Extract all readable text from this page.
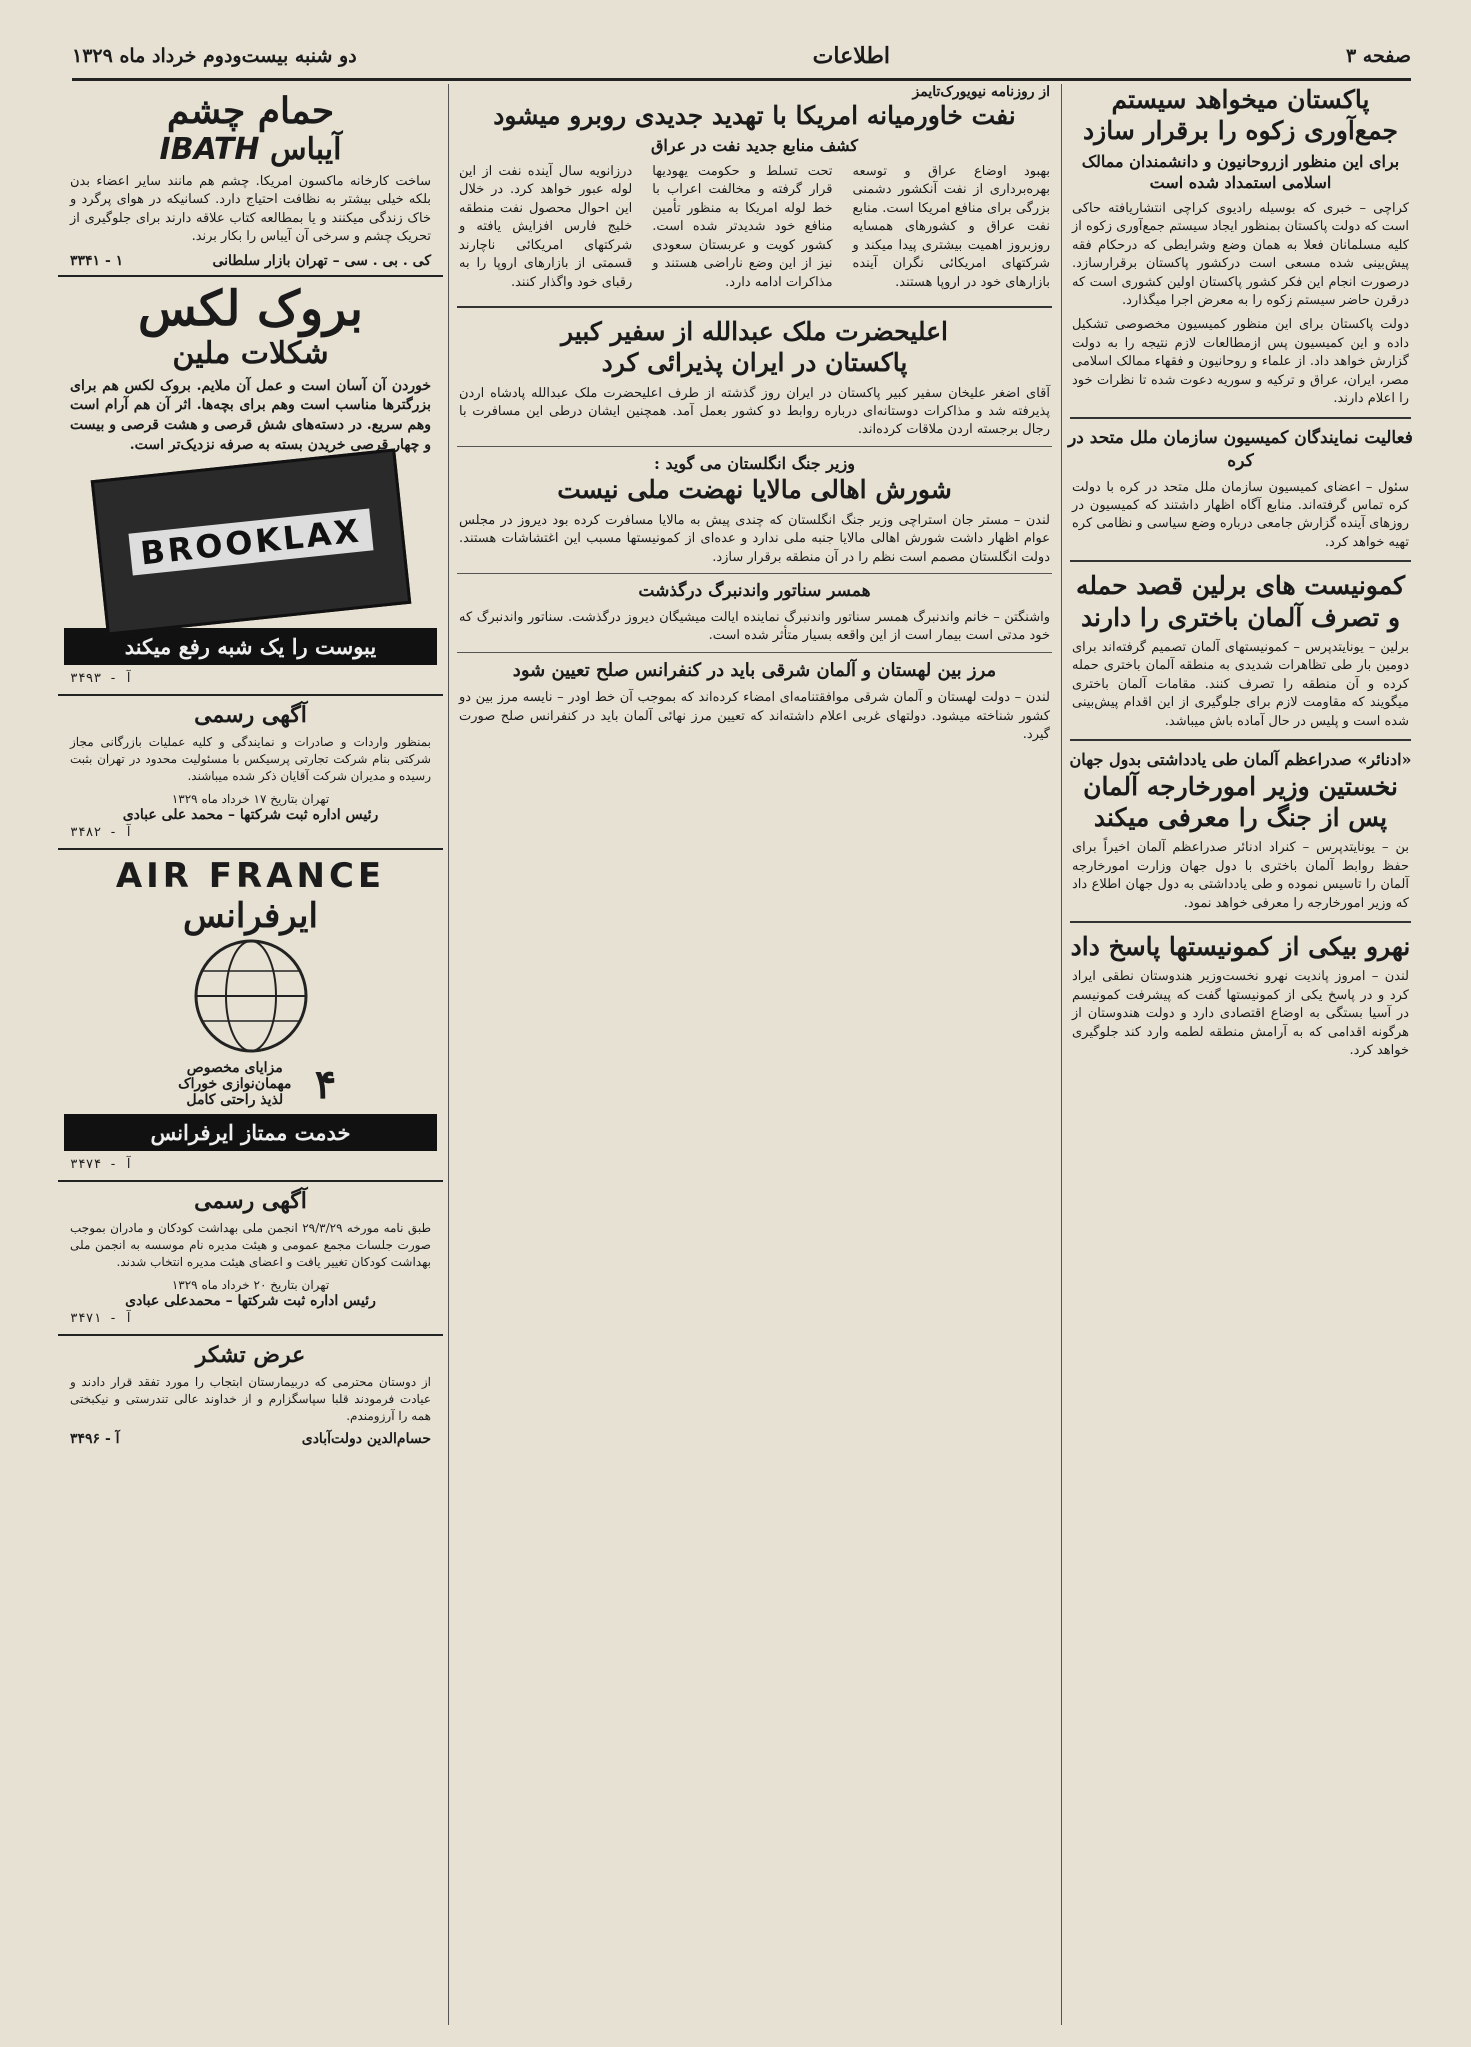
صفحه ۳
اطلاعات
دو شنبه بیست‌ودوم خرداد ماه ۱۳۲۹
پاکستان میخواهد سیستم جمع‌آوری زکوه را برقرار سازد
برای این منظور ازروحانیون و دانشمندان ممالک اسلامی استمداد شده است

کراچی – خبری که بوسیله رادیوی کراچی انتشاریافته حاکی است که دولت پاکستان بمنظور ایجاد سیستم جمع‌آوری زکوه از کلیه مسلمانان فعلا به همان وضع وشرایطی که درحکام فقه پیش‌بینی شده مسعی است درکشور پاکستان برقرارسازد. درصورت انجام این فکر کشور پاکستان اولین کشوری است که درقرن حاضر سیستم زکوه را به معرض اجرا میگذارد.

دولت پاکستان برای این منظور کمیسیون مخصوصی تشکیل داده و این کمیسیون پس ازمطالعات لازم نتیجه را به دولت گزارش خواهد داد. از علماء و روحانیون و فقهاء ممالک اسلامی مصر، ایران، عراق و ترکیه و سوریه دعوت شده تا نظرات خود را اعلام دارند.

فعالیت نمایندگان کمیسیون سازمان ملل متحد در کره

سئول – اعضای کمیسیون سازمان ملل متحد در کره با دولت کره تماس گرفته‌اند. منابع آگاه اظهار داشتند که کمیسیون در روزهای آینده گزارش جامعی درباره وضع سیاسی و نظامی کره تهیه خواهد کرد.

کمونیست های برلین قصد حمله و تصرف آلمان باختری را دارند

برلین – یونایتدپرس – کمونیستهای آلمان تصمیم گرفته‌اند برای دومین بار طی تظاهرات شدیدی به منطقه آلمان باختری حمله کرده و آن منطقه را تصرف کنند. مقامات آلمان باختری میگویند که مقاومت لازم برای جلوگیری از این اقدام پیش‌بینی شده است و پلیس در حال آماده باش میباشد.

«ادنائر» صدراعظم آلمان طی یادداشتی بدول جهان
نخستین وزیر امورخارجه آلمان پس از جنگ را معرفی میکند

بن – یونایتدپرس – کنراد ادنائر صدراعظم آلمان اخیراً برای حفظ روابط آلمان باختری با دول جهان وزارت امورخارجه آلمان را تاسیس نموده و طی یادداشتی به دول جهان اطلاع داد که وزیر امورخارجه را معرفی خواهد نمود.

نهرو بیکی از کمونیستها پاسخ داد

لندن – امروز پاندیت نهرو نخست‌وزیر هندوستان نطقی ایراد کرد و در پاسخ یکی از کمونیستها گفت که پیشرفت کمونیسم در آسیا بستگی به اوضاع اقتصادی دارد و دولت هندوستان از هرگونه اقدامی که به آرامش منطقه لطمه وارد کند جلوگیری خواهد کرد.

از روزنامه نیویورک‌تایمز
نفت خاورمیانه امریکا با تهدید جدیدی روبرو میشود
کشف منابع جدید نفت در عراق

بهبود اوضاع عراق و توسعه بهره‌برداری از نفت آنکشور دشمنی بزرگی برای منافع امریکا است. منابع نفت عراق و کشورهای همسایه روزبروز اهمیت بیشتری پیدا میکند و شرکتهای امریکائی نگران آینده بازارهای خود در اروپا هستند.

تحت تسلط و حکومت یهودیها قرار گرفته و مخالفت اعراب با خط لوله امریکا به منظور تأمین منافع خود شدیدتر شده است. کشور کویت و عربستان سعودی نیز از این وضع ناراضی هستند و مذاکرات ادامه دارد.

درزانویه سال آینده نفت از این لوله عبور خواهد کرد. در خلال این احوال محصول نفت منطقه خلیج فارس افزایش یافته و شرکتهای امریکائی ناچارند قسمتی از بازارهای اروپا را به رقبای خود واگذار کنند.

اعلیحضرت ملک عبدالله از سفیر کبیر
پاکستان در ایران پذیرائی کرد

آقای اضغر علیخان سفیر کبیر پاکستان در ایران روز گذشته از طرف اعلیحضرت ملک عبدالله پادشاه اردن پذیرفته شد و مذاکرات دوستانه‌ای درباره روابط دو کشور بعمل آمد. همچنین ایشان درطی این مسافرت با رجال برجسته اردن ملاقات کرده‌اند.

وزیر جنگ انگلستان می گوید :
شورش اهالی مالایا نهضت ملی نیست

لندن – مستر جان استراچی وزیر جنگ انگلستان که چندی پیش به مالایا مسافرت کرده بود دیروز در مجلس عوام اظهار داشت شورش اهالی مالایا جنبه ملی ندارد و عده‌ای از کمونیستها مسبب این اغتشاشات هستند. دولت انگلستان مصمم است نظم را در آن منطقه برقرار سازد.

همسر سناتور واندنبرگ درگذشت

واشنگتن – خانم واندنبرگ همسر سناتور واندنبرگ نماینده ایالت میشیگان دیروز درگذشت. سناتور واندنبرگ که خود مدتی است بیمار است از این واقعه بسیار متأثر شده است.

مرز بین لهستان و آلمان شرقی باید در کنفرانس صلح تعیین شود

لندن – دولت لهستان و آلمان شرقی موافقتنامه‌ای امضاء کرده‌اند که بموجب آن خط اودر – نایسه مرز بین دو کشور شناخته میشود. دولتهای غربی اعلام داشته‌اند که تعیین مرز نهائی آلمان باید در کنفرانس صلح صورت گیرد.

حمام چشم
آیباس IBATH

ساخت کارخانه ماکسون امریکا. چشم هم مانند سایر اعضاء بدن بلکه خیلی بیشتر به نظافت احتیاج دارد. کسانیکه در هوای پرگرد و خاک زندگی میکنند و یا بمطالعه کتاب علاقه دارند برای جلوگیری از تحریک چشم و سرخی آن آیباس را بکار برند.

کی . بی . سی – تهران بازار سلطانی
۱ - ۳۳۴۱
بروک لکس
شکلات ملین

خوردن آن آسان است و عمل آن ملایم. بروک لکس هم برای بزرگترها مناسب است وهم برای بچه‌ها. اثر آن هم آرام است وهم سریع. در دسته‌های شش قرصی و هشت قرصی و بیست و چهار قرصی خریدن بسته به صرفه نزدیک‌تر است.

BROOKLAX
یبوست را یک شبه رفع میکند
آ - ۳۴۹۳
آگهی رسمی

بمنظور واردات و صادرات و نمایندگی و کلیه عملیات بازرگانی مجاز شرکتی بنام شرکت تجارتی پرسیکس با مسئولیت محدود در تهران بثبت رسیده و مدیران شرکت آقایان ذکر شده میباشند.

تهران بتاریخ ۱۷ خرداد ماه ۱۳۲۹
رئیس اداره ثبت شرکتها – محمد علی عبادی
آ - ۳۴۸۲
AIR FRANCE
ایرفرانس
۴
مزایای مخصوص مهمان‌نوازی خوراک لذیذ راحتی کامل
خدمت ممتاز ایرفرانس
آ - ۳۴۷۴
آگهی رسمی

طبق نامه مورخه ۲۹/۳/۲۹ انجمن ملی بهداشت کودکان و مادران بموجب صورت جلسات مجمع عمومی و هیئت مدیره نام موسسه به انجمن ملی بهداشت کودکان تغییر یافت و اعضای هیئت مدیره انتخاب شدند.

تهران بتاریخ ۲۰ خرداد ماه ۱۳۲۹
رئیس اداره ثبت شرکتها – محمدعلی عبادی
آ - ۳۴۷۱
عرض تشکر

از دوستان محترمی که دربیمارستان ابتجاب را مورد تفقد قرار دادند و عیادت فرمودند قلبا سپاسگزارم و از خداوند عالی تندرستی و نیکبختی همه را آرزومندم.

حسام‌الدین دولت‌آبادی
آ - ۳۴۹۶
